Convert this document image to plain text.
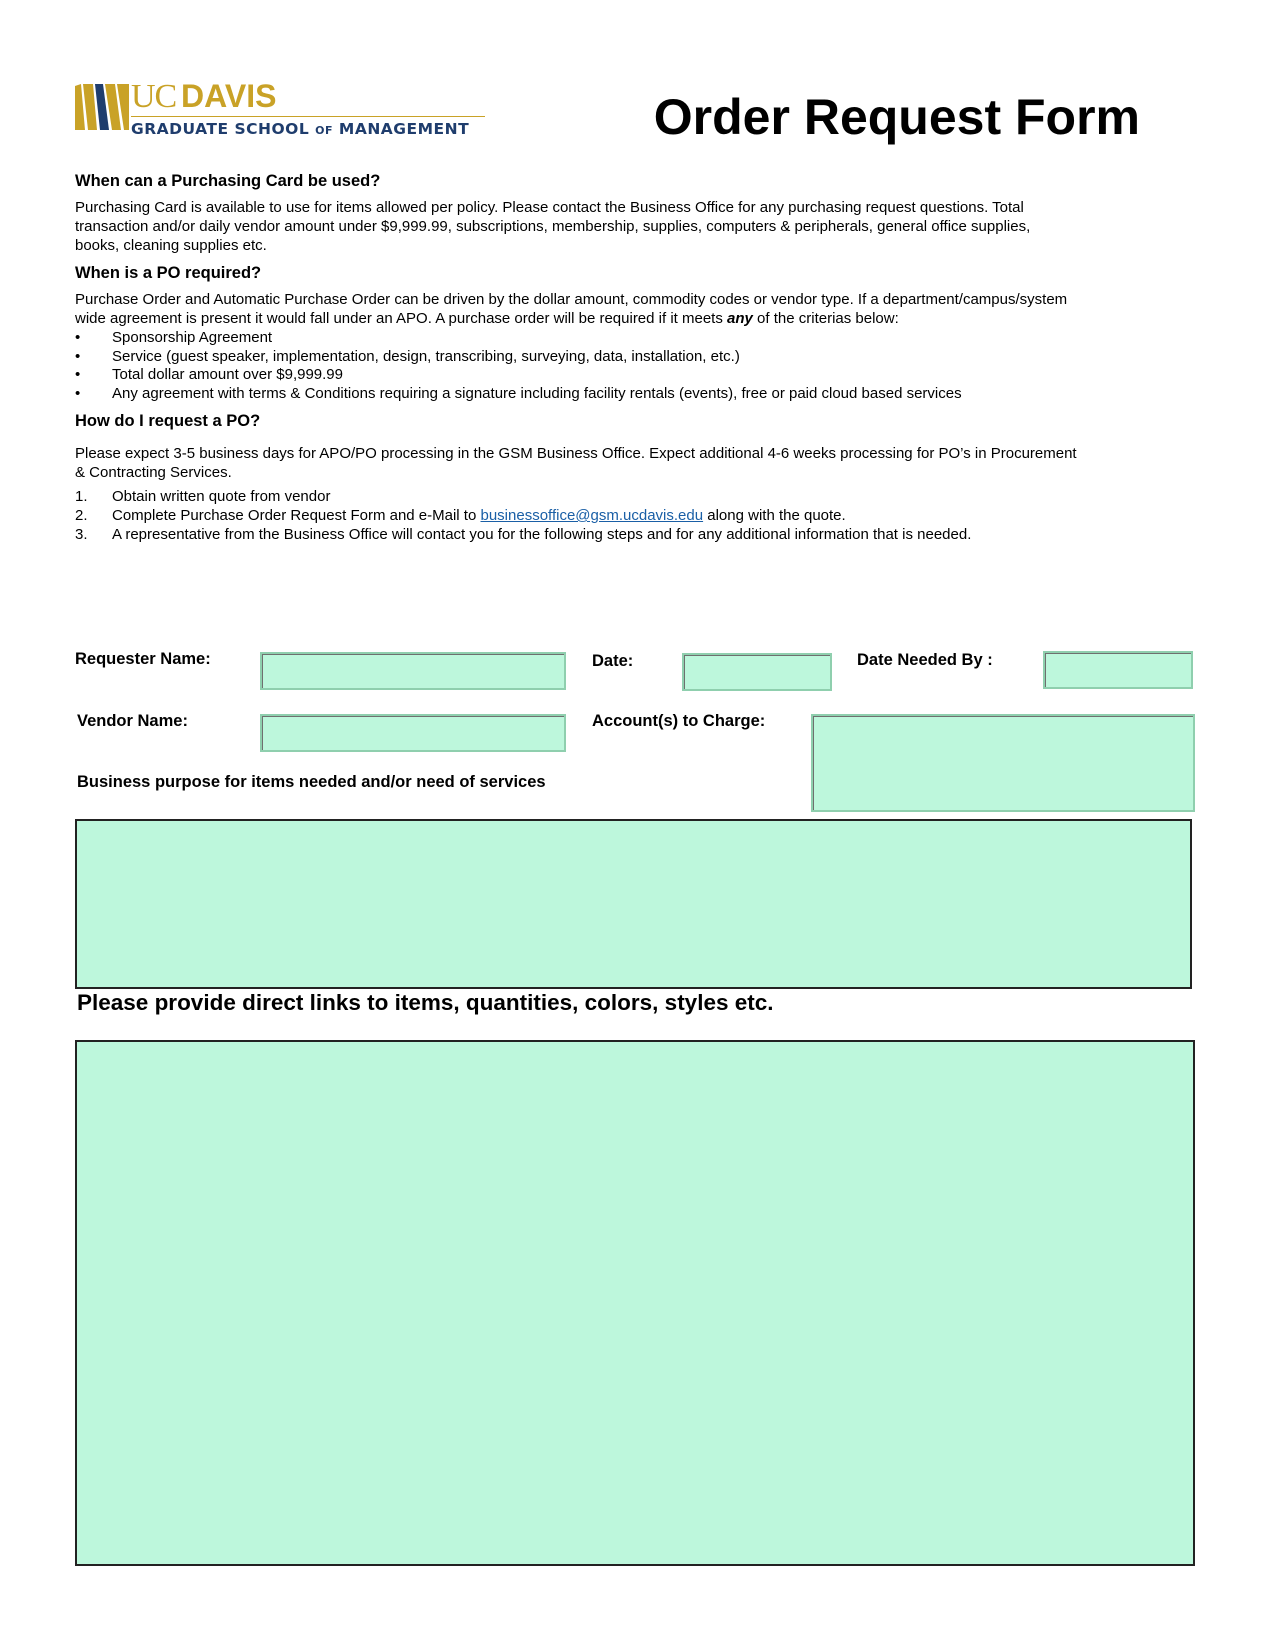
UC DAVIS
GRADUATE SCHOOL OF MANAGEMENT	Order Request Form
When can a Purchasing Card be used?
Purchasing Card is available to use for items allowed per policy. Please contact the Business Office for any purchasing request questions. Total
transaction and/or daily vendor amount under $9,999.99, subscriptions, membership, supplies, computers & peripherals, general office supplies,
books, cleaning supplies etc.
When is a PO required?
Purchase Order and Automatic Purchase Order can be driven by the dollar amount, commodity codes or vendor type. If a department/campus/system
wide agreement is present it would fall under an APO. A purchase order will be required if it meets any of the criterias below:
• Sponsorship Agreement
• Service (guest speaker, implementation, design, transcribing, surveying, data, installation, etc.)
• Total dollar amount over $9,999.99
• Any agreement with terms & Conditions requiring a signature including facility rentals (events), free or paid cloud based services
How do I request a PO?
Please expect 3-5 business days for APO/PO processing in the GSM Business Office. Expect additional 4-6 weeks processing for PO’s in Procurement
& Contracting Services.
1. Obtain written quote from vendor
2. Complete Purchase Order Request Form and e-Mail to businessoffice@gsm.ucdavis.edu along with the quote.
3. A representative from the Business Office will contact you for the following steps and for any additional information that is needed.
Requester Name:	Date:	Date Needed By :
Vendor Name:	Account(s) to Charge:
Business purpose for items needed and/or need of services
Please provide direct links to items, quantities, colors, styles etc.
